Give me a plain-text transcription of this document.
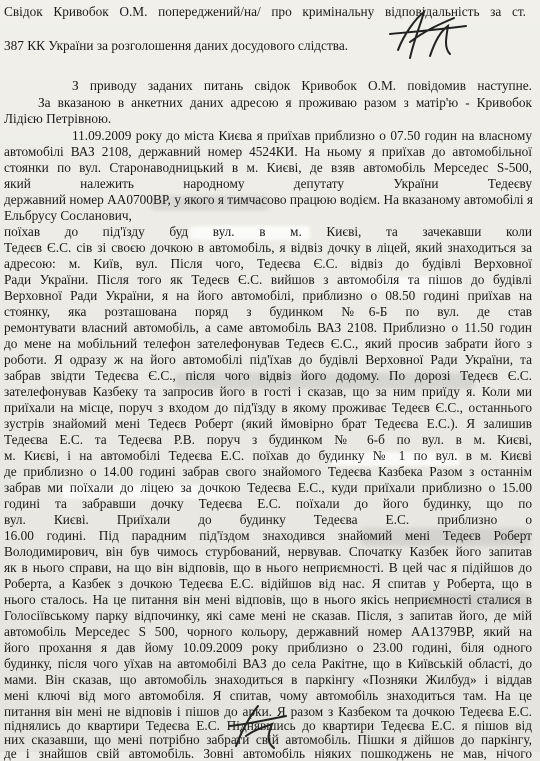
Свідок Кривобок О.М. попереджений/на/ про кримінальну відповідальність за ст.
387 КК України за розголошення даних досудового слідства.
З приводу заданих питань свідок Кривобок О.М. повідомив наступне.
За вказаною в анкетних даних адресою я проживаю разом з матір'ю - Кривобок
Лідією Петрівною.
11.09.2009 року до міста Києва я приїхав приблизно о 07.50 годин на власному
автомобілі ВАЗ 2108, державний номер 4524КИ. На ньому я приїхав до автомобільної
стоянки по вул. Старонаводницький в м. Києві, де взяв автомобіль Мерседес S-500,
який належить народному депутату України Тедеєву
державний номер АА0700ВР, у якого я тимчасово працюю водієм. На вказаному автомобілі я
Ельбрусу Сосланович,
поїхав до під'їзду буд вул. в м. Києві, та зачекавши коли
Тедеєв Є.С. сів зі своєю дочкою в автомобіль, я відвіз дочку в ліцей, який знаходиться за
адресою: м. Київ, вул. Після чого, Тедеєва Є.С. відвіз до будівлі Верховної
Ради України. Після того як Тедеєв Є.С. вийшов з автомобіля та пішов до будівлі
Верховної Ради України, я на його автомобілі, приблизно о 08.50 годині приїхав на
стоянку, яка розташована поряд з будинком №6-Б по вул. де став
ремонтувати власний автомобіль, а саме автомобіль ВАЗ 2108. Приблизно о 11.50 годин
до мене на мобільний телефон зателефонував Тедеєв Є.С., який просив забрати його з
роботи. Я одразу ж на його автомобілі під'їхав до будівлі Верховної Ради України, та
забрав звідти Тедеєва Є.С., після чого відвіз його додому. По дорозі Тедеєв Є.С.
зателефонував Казбеку та запросив його в гості і сказав, що за ним приїду я. Коли ми
приїхали на місце, поруч з входом до під'їзду в якому проживає Тедеєв Є.С., останнього
зустрів знайомий мені Тедеєв Роберт (який ймовірно брат Тедеєва Е.С.). Я залишив
Тедеєва Е.С. та Тедеєва Р.В. поруч з будинком № 6-б по вул. в м. Києві,
м. Києві, і на автомобілі Тедеєва Е.С. поїхав до будинку № 1 по вул. в м. Києві
де приблизно о 14.00 годині забрав свого знайомого Тедеєва Казбека Разом з останнім
забрав ми поїхали до ліцею за дочкою Тедеєва Е.С., куди приїхали приблизно о 15.00
годині та забравши дочку Тедеєва Е.С. поїхали до його будинку, що по
вул. Києві. Приїхали до будинку Тедеєва Е.С. приблизно о
16.00 годині. Під парадним під'їздом знаходився знайомий мені Тедеєв Роберт
Володимирович, він був чимось стурбований, нервував. Спочатку Казбек його запитав
як в нього справи, на що він відповів, що в нього неприємності. В цей час я підійшов до
Роберта, а Казбек з дочкою Тедеєва Е.С. відійшов від нас. Я спитав у Роберта, що в
нього сталось. На це питання він мені відповів, що в нього якісь неприємності сталися в
Голосіївському парку відпочинку, які саме мені не сказав. Після, з запитав його, де мій
автомобіль Мерседес S 500, чорного кольору, державний номер АА1379ВР, який на
його прохання я дав йому 10.09.2009 року приблизно о 23.00 годині, біля одного
будинку, після чого уїхав на автомобілі ВАЗ до села Ракітне, що в Київській області, до
мами. Він сказав, що автомобіль знаходиться в паркінгу «Позняки Жилбуд» і віддав
мені ключі від мого автомобіля. Я спитав, чому автомобіль знаходиться там. На це
питання він мені не відповів і пішов до арки. Я разом з Казбеком та дочкою Тедеєва Е.С.
піднялись до квартири Тедеєва Е.С. Піднявшись до квартири Тедеєва Е.С. я пішов від
них сказавши, що мені потрібно забрати свій автомобіль. Пішки я дійшов до паркінгу,
де і знайшов свій автомобіль. Зовні автомобіль ніяких пошкоджень не мав, нічого
